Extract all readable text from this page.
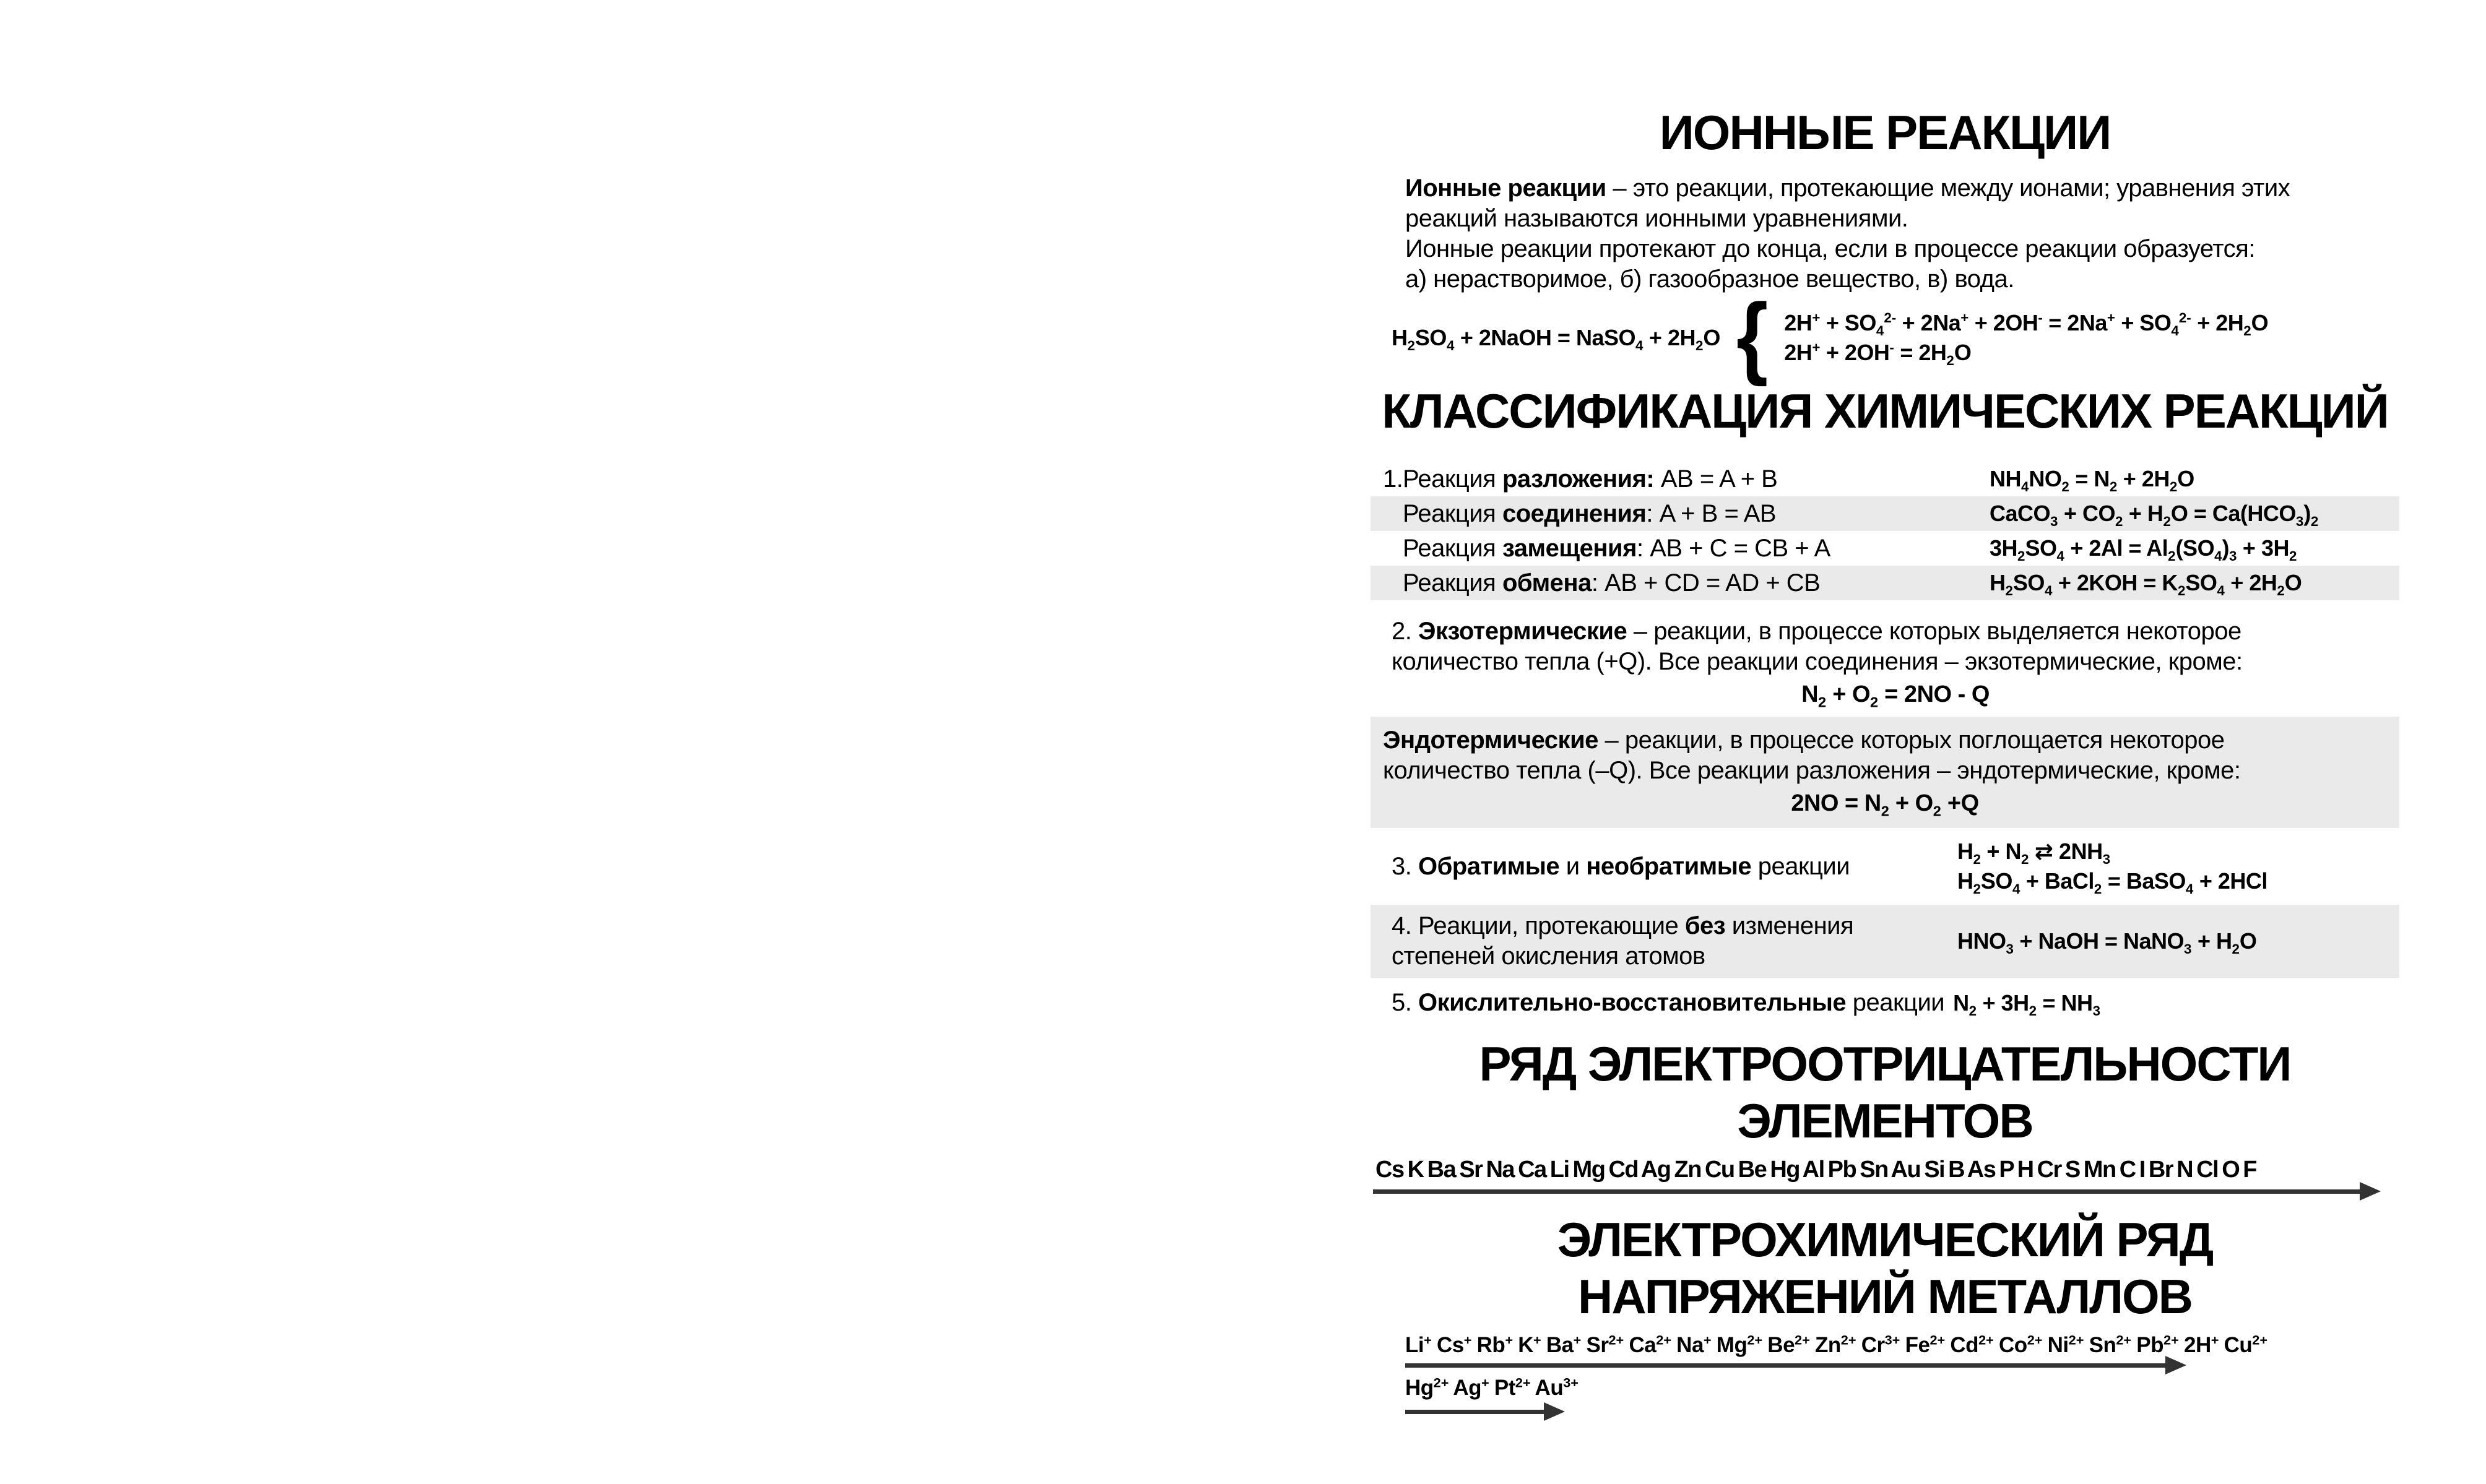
ИОННЫЕ РЕАКЦИИ
Ионные реакции – это реакции, протекающие между ионами; уравнения этих
реакций называются ионными уравнениями.
Ионные реакции протекают до конца, если в процессе реакции образуется:
а) нерастворимое, б) газообразное вещество, в) вода.
$H_2SO_4$ + 2NaOH = NaSO$_4$ + $2H_2O$ { $2H^+ + SO_4^{2-} + 2Na^+ + 2OH^- = 2Na^+ + SO_4^{2-} + 2H_2O$
$2H^+ + 2OH^- = 2H_2O$
КЛАССИФИКАЦИЯ ХИМИЧЕСКИХ РЕАКЦИЙ
1. Реакция разложения: AB = A + B	$NH_4NO_2 = N_2 + 2H_2O$
Реакция соединения: A + B = AB	CaCO$_3$ + $CO_2 + H_2O = Ca(HCO_3)_2$
Реакция замещения: AB + C = CB + A	$3H_2SO_4 + 2Al = Al_2(SO_4)_3 + 3H_2$
Реакция обмена: AB + CD = AD + CB	$H_2SO_4 + 2KOH = K_2SO_4 + 2H_2O$
2. Экзотермические – реакции, в процессе которых выделяется некоторое
количество тепла (+Q). Все реакции соединения – экзотермические, кроме:
$N_2 + O_2 = 2NO - Q$
Эндотермические – реакции, в процессе которых поглощается некоторое
количество тепла (–Q). Все реакции разложения – эндотермические, кроме:
$2NO = N_2 + O_2 +Q$
3. Обратимые и необратимые реакции
$H_2 + N_2$ ⇄ $2NH_3$
$H_2SO_4$ + BaCl$_2$ = BaSO$_4$ + 2HCl
4. Реакции, протекающие без изменения
степеней окисления атомов
$HNO_3$ + NaOH = NaNO$_3$ + $H_2O$
5. Окислительно-восстановительные реакции $N_2 + 3H_2 = NH_3$
РЯД ЭЛЕКТРООТРИЦАТЕЛЬНОСТИ
ЭЛЕМЕНТОВ
Cs K Ba Sr Na Ca Li Mg Cd Ag Zn Cu Be Hg Al Pb Sn Au Si B As P H Cr S Mn C I Br N Cl O F
ЭЛЕКТРОХИМИЧЕСКИЙ РЯД
НАПРЯЖЕНИЙ МЕТАЛЛОВ
Li+ Cs+ Rb+ K+ Ba+ $Sr^{2+}$ $Ca^{2+}$ Na+ $Mg^{2+}$ $Be^{2+}$ $Zn^{2+}$ $Cr^{3+}$ $Fe^{2+}$ $Cd^{2+}$ $Co^{2+}$ $Ni^{2+}$ $Sn^{2+}$ $Pb^{2+}$ 2H+ $Cu^{2+}$
$Hg^{2+}$ Ag+ $Pt^{2+}$ $Au^{3+}$
